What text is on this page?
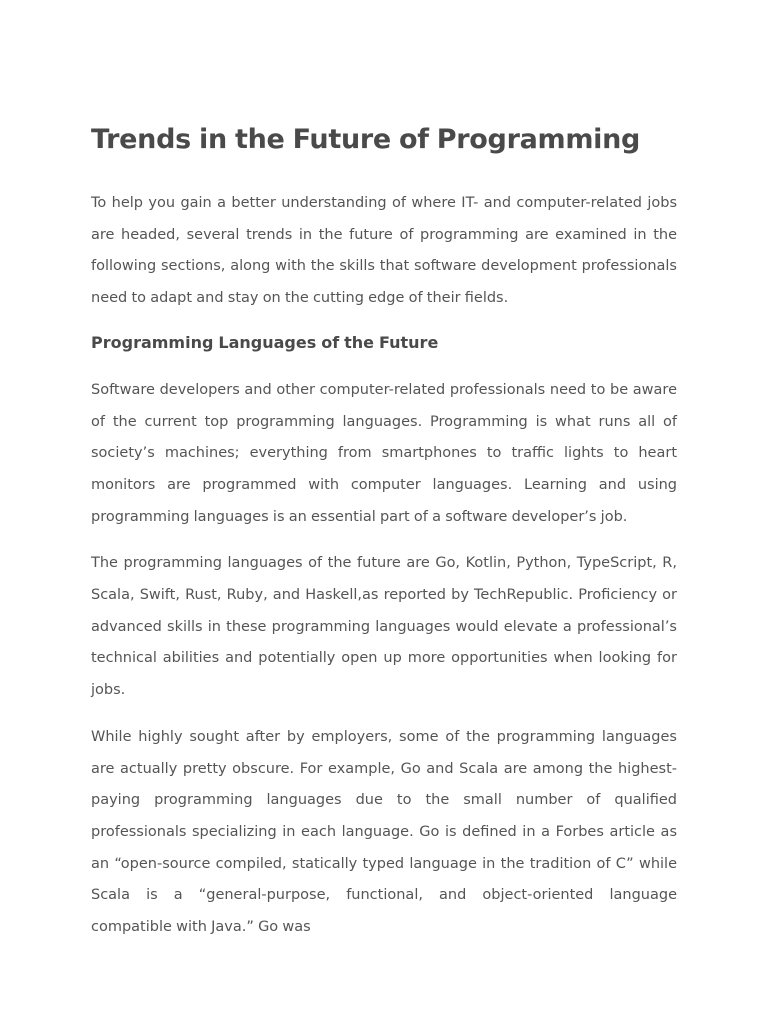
Trends in the Future of Programming

To help you gain a better understanding of where IT- and computer-related jobs are headed, several trends in the future of programming are examined in the following sections, along with the skills that software development professionals need to adapt and stay on the cutting edge of their fields.

Programming Languages of the Future

Software developers and other computer-related professionals need to be aware of the current top programming languages. Programming is what runs all of society’s machines; everything from smartphones to traffic lights to heart monitors are programmed with computer languages. Learning and using programming languages is an essential part of a software developer’s job.

The programming languages of the future are Go, Kotlin, Python, TypeScript, R, Scala, Swift, Rust, Ruby, and Haskell,as reported by TechRepublic. Proficiency or advanced skills in these programming languages would elevate a professional’s technical abilities and potentially open up more opportunities when looking for jobs.

While highly sought after by employers, some of the programming languages are actually pretty obscure. For example, Go and Scala are among the highest-paying programming languages due to the small number of qualified professionals specializing in each language. Go is defined in a Forbes article as an “open-source compiled, statically typed language in the tradition of C” while Scala is a “general-purpose, functional, and object-oriented language compatible with Java.” Go was
